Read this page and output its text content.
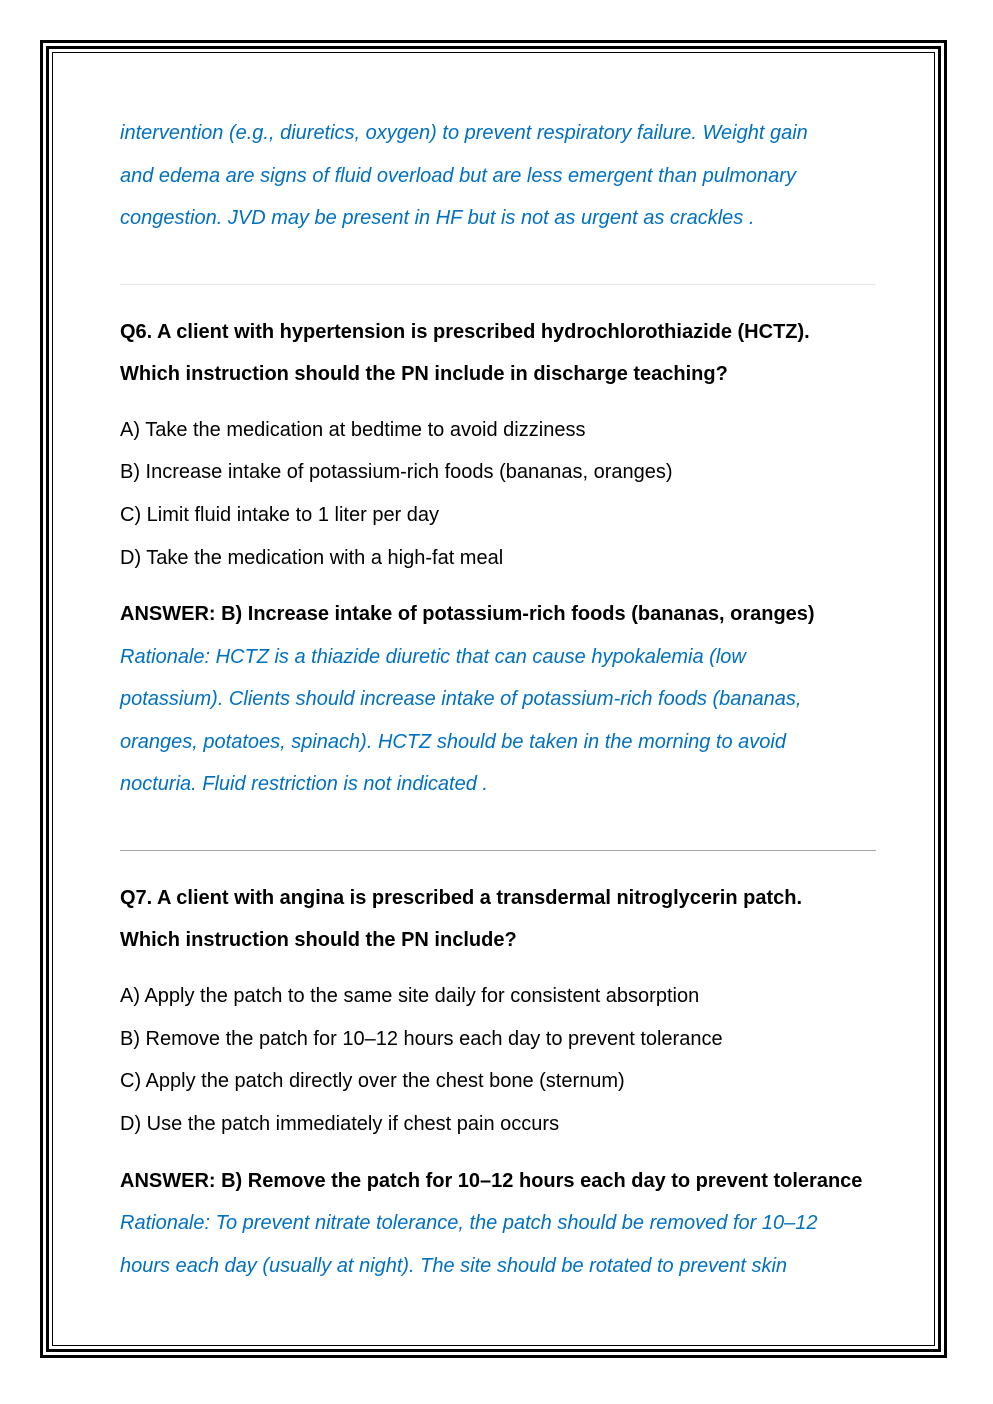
intervention (e.g., diuretics, oxygen) to prevent respiratory failure. Weight gain

and edema are signs of fluid overload but are less emergent than pulmonary

congestion. JVD may be present in HF but is not as urgent as crackles .

Q6. A client with hypertension is prescribed hydrochlorothiazide (HCTZ).

Which instruction should the PN include in discharge teaching?

A) Take the medication at bedtime to avoid dizziness

B) Increase intake of potassium-rich foods (bananas, oranges)

C) Limit fluid intake to 1 liter per day

D) Take the medication with a high-fat meal

ANSWER: B) Increase intake of potassium-rich foods (bananas, oranges)

Rationale: HCTZ is a thiazide diuretic that can cause hypokalemia (low

potassium). Clients should increase intake of potassium-rich foods (bananas,

oranges, potatoes, spinach). HCTZ should be taken in the morning to avoid

nocturia. Fluid restriction is not indicated .

Q7. A client with angina is prescribed a transdermal nitroglycerin patch.

Which instruction should the PN include?

A) Apply the patch to the same site daily for consistent absorption

B) Remove the patch for 10–12 hours each day to prevent tolerance

C) Apply the patch directly over the chest bone (sternum)

D) Use the patch immediately if chest pain occurs

ANSWER: B) Remove the patch for 10–12 hours each day to prevent tolerance

Rationale: To prevent nitrate tolerance, the patch should be removed for 10–12

hours each day (usually at night). The site should be rotated to prevent skin
